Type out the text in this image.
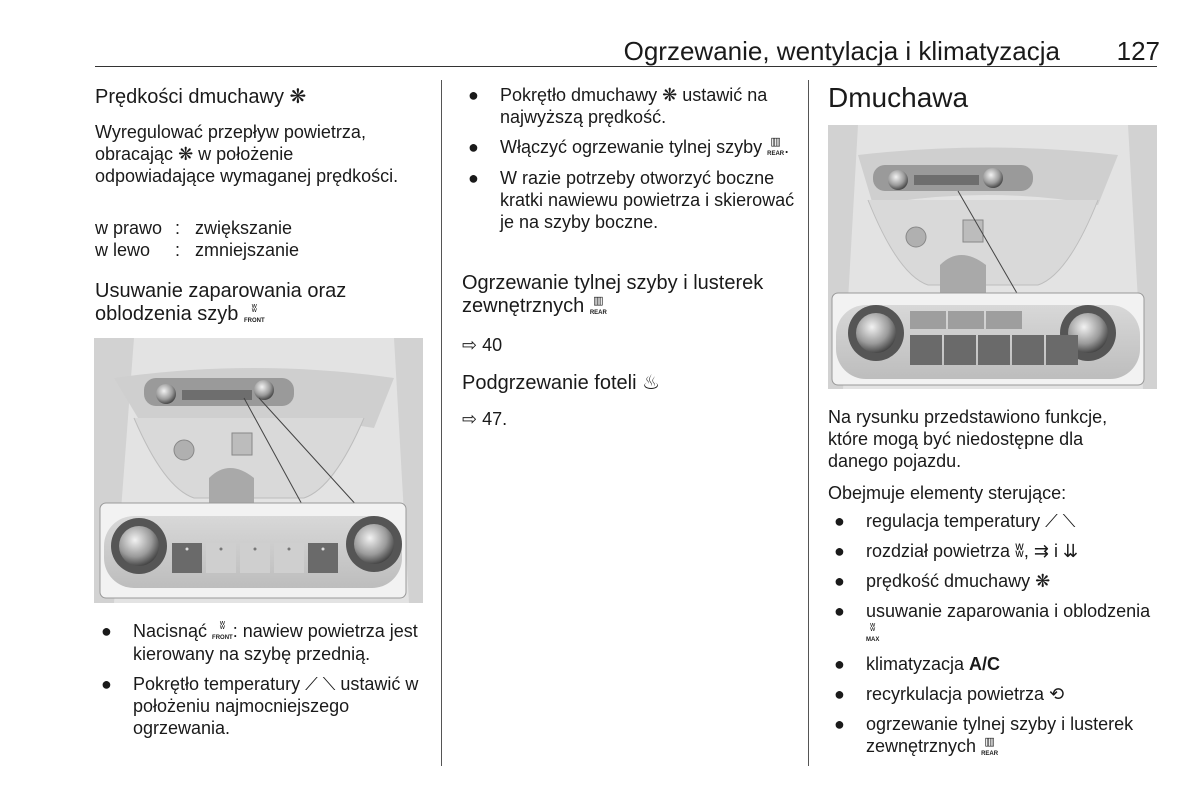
Ogrzewanie, wentylacja i klimatyzacja 127
Prędkości dmuchawy ❋
Wyregulować przepływ powietrza, obracając ❋ w położenie odpowiadające wymaganej prędkości.
w prawo : zwiększanie
w lewo	: zmniejszanie
Usuwanie zaparowania oraz
oblodzenia szyb ʬ
FRONT
● Nacisnąć ʬ
FRONT: nawiew powietrza jest kierowany na szybę przednią.
● Pokrętło temperatury ⟋ ⟍ ustawić w położeniu najmocniejszego ogrzewania.
● Pokrętło dmuchawy ❋ ustawić na najwyższą prędkość.
● Włączyć ogrzewanie tylnej szyby ▥
REAR.
● W razie potrzeby otworzyć boczne kratki nawiewu powietrza i skierować je na szyby boczne.
Ogrzewanie tylnej szyby i lusterek
zewnętrznych ▥
REAR
⇨ 40
Podgrzewanie foteli ♨
⇨ 47.
Dmuchawa
Na rysunku przedstawiono funkcje, które mogą być niedostępne dla danego pojazdu.
Obejmuje elementy sterujące:
● regulacja temperatury ⟋ ⟍
● rozdział powietrza ʬ, ⇉ i ⇊
● prędkość dmuchawy ❋
● usuwanie zaparowania i oblodzenia ʬ
MAX
● klimatyzacja A/C
● recyrkulacja powietrza ⟲
● ogrzewanie tylnej szyby i lusterek zewnętrznych ▥
REAR
